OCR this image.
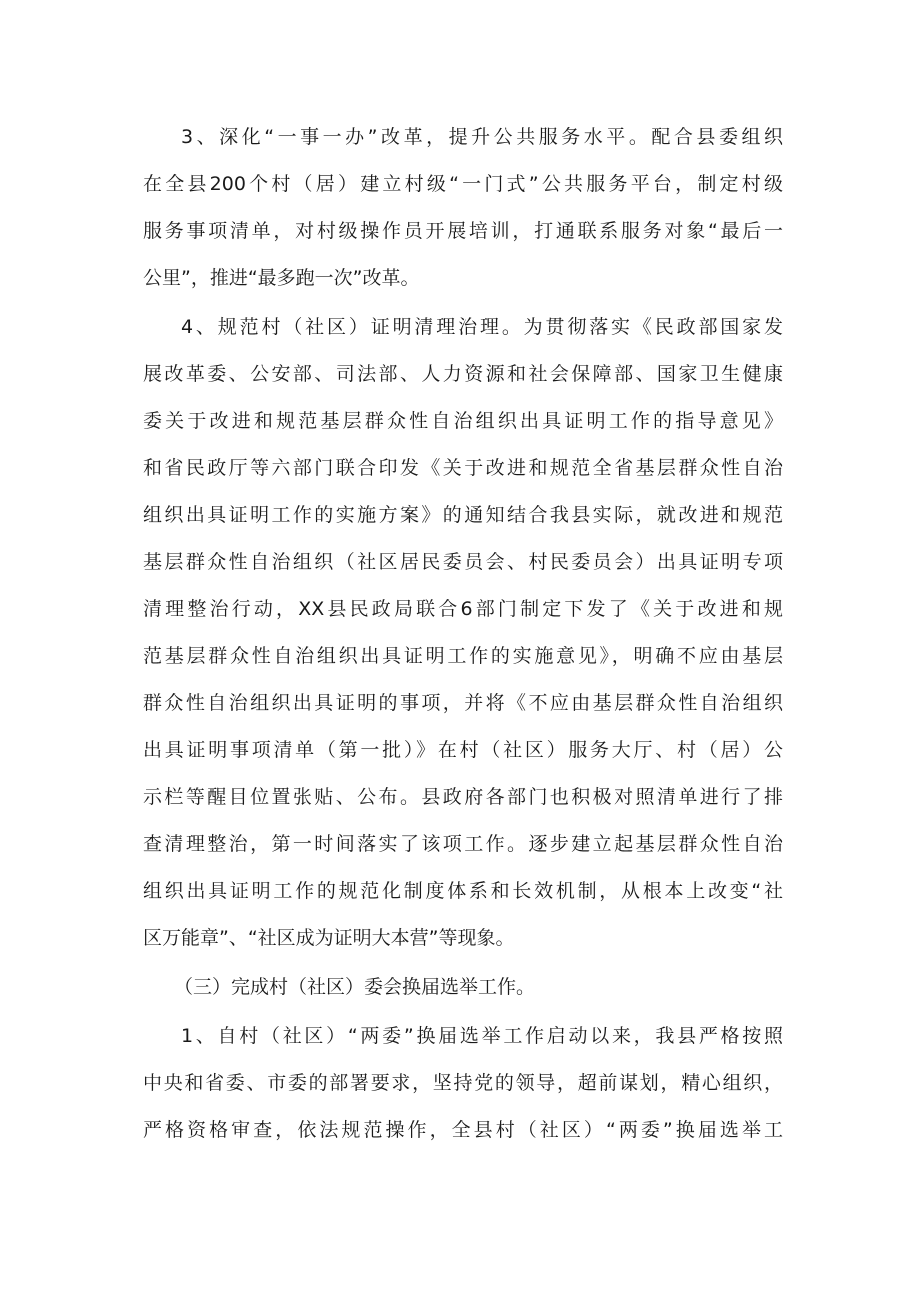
3、深化“一事一办”改革，提升公共服务水平。配合县委组织
在全县200个村（居）建立村级“一门式”公共服务平台，制定村级
服务事项清单，对村级操作员开展培训，打通联系服务对象“最后一
公里”，推进“最多跑一次”改革。
4、规范村（社区）证明清理治理。为贯彻落实《民政部国家发
展改革委、公安部、司法部、人力资源和社会保障部、国家卫生健康
委关于改进和规范基层群众性自治组织出具证明工作的指导意见》
和省民政厅等六部门联合印发《关于改进和规范全省基层群众性自治
组织出具证明工作的实施方案》的通知结合我县实际，就改进和规范
基层群众性自治组织（社区居民委员会、村民委员会）出具证明专项
清理整治行动，XX县民政局联合6部门制定下发了《关于改进和规
范基层群众性自治组织出具证明工作的实施意见》，明确不应由基层
群众性自治组织出具证明的事项，并将《不应由基层群众性自治组织
出具证明事项清单（第一批）》在村（社区）服务大厅、村（居）公
示栏等醒目位置张贴、公布。县政府各部门也积极对照清单进行了排
查清理整治，第一时间落实了该项工作。逐步建立起基层群众性自治
组织出具证明工作的规范化制度体系和长效机制，从根本上改变“社
区万能章”、“社区成为证明大本营”等现象。
（三）完成村（社区）委会换届选举工作。
1、自村（社区）“两委”换届选举工作启动以来，我县严格按照
中央和省委、市委的部署要求，坚持党的领导，超前谋划，精心组织，
严格资格审查，依法规范操作，全县村（社区）“两委”换届选举工
